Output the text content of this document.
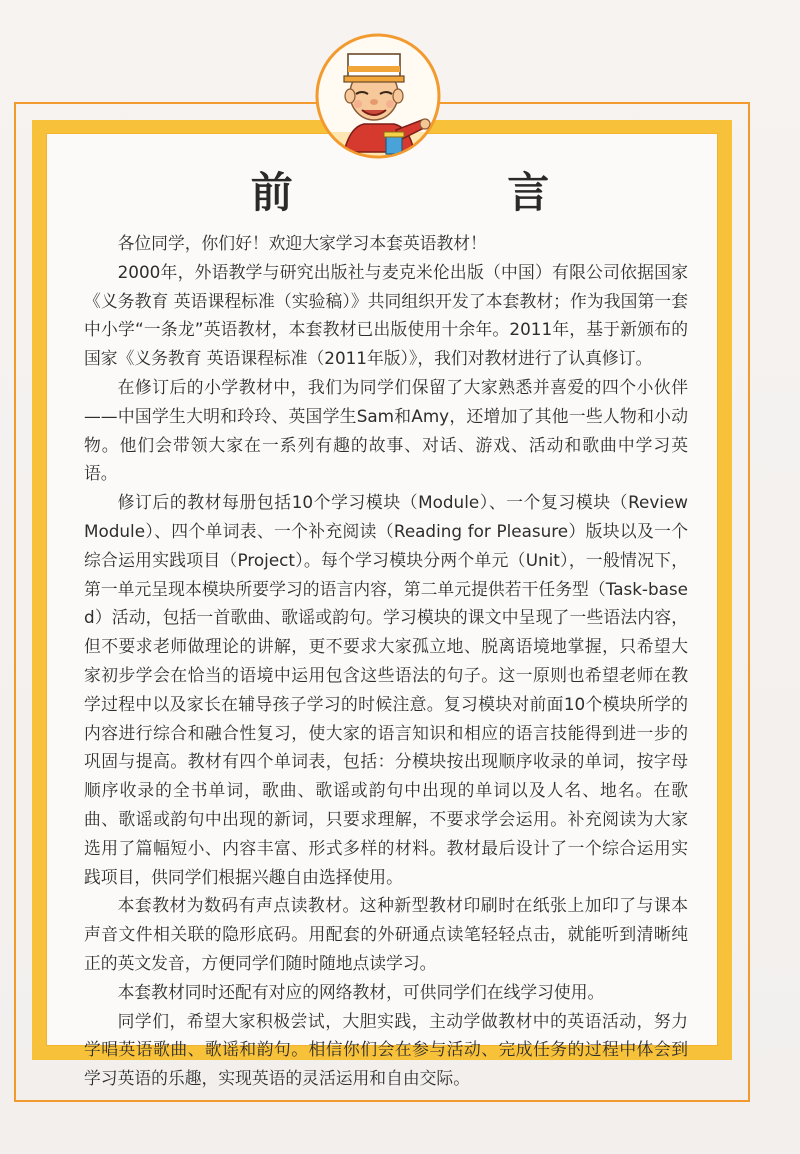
前 言

各位同学，你们好！欢迎大家学习本套英语教材！

2000年，外语教学与研究出版社与麦克米伦出版（中国）有限公司依据国家《义务教育 英语课程标准（实验稿）》共同组织开发了本套教材；作为我国第一套中小学“一条龙”英语教材，本套教材已出版使用十余年。2011年，基于新颁布的国家《义务教育 英语课程标准（2011年版）》，我们对教材进行了认真修订。

在修订后的小学教材中，我们为同学们保留了大家熟悉并喜爱的四个小伙伴——中国学生大明和玲玲、英国学生Sam和Amy，还增加了其他一些人物和小动物。他们会带领大家在一系列有趣的故事、对话、游戏、活动和歌曲中学习英语。

修订后的教材每册包括10个学习模块（Module）、一个复习模块（Review Module）、四个单词表、一个补充阅读（Reading for Pleasure）版块以及一个综合运用实践项目（Project）。每个学习模块分两个单元（Unit），一般情况下，第一单元呈现本模块所要学习的语言内容，第二单元提供若干任务型（Task-based）活动，包括一首歌曲、歌谣或韵句。学习模块的课文中呈现了一些语法内容，但不要求老师做理论的讲解，更不要求大家孤立地、脱离语境地掌握，只希望大家初步学会在恰当的语境中运用包含这些语法的句子。这一原则也希望老师在教学过程中以及家长在辅导孩子学习的时候注意。复习模块对前面10个模块所学的内容进行综合和融合性复习，使大家的语言知识和相应的语言技能得到进一步的巩固与提高。教材有四个单词表，包括：分模块按出现顺序收录的单词，按字母顺序收录的全书单词，歌曲、歌谣或韵句中出现的单词以及人名、地名。在歌曲、歌谣或韵句中出现的新词，只要求理解，不要求学会运用。补充阅读为大家选用了篇幅短小、内容丰富、形式多样的材料。教材最后设计了一个综合运用实践项目，供同学们根据兴趣自由选择使用。

本套教材为数码有声点读教材。这种新型教材印刷时在纸张上加印了与课本声音文件相关联的隐形底码。用配套的外研通点读笔轻轻点击，就能听到清晰纯正的英文发音，方便同学们随时随地点读学习。

本套教材同时还配有对应的网络教材，可供同学们在线学习使用。

同学们，希望大家积极尝试，大胆实践，主动学做教材中的英语活动，努力学唱英语歌曲、歌谣和韵句。相信你们会在参与活动、完成任务的过程中体会到学习英语的乐趣，实现英语的灵活运用和自由交际。
